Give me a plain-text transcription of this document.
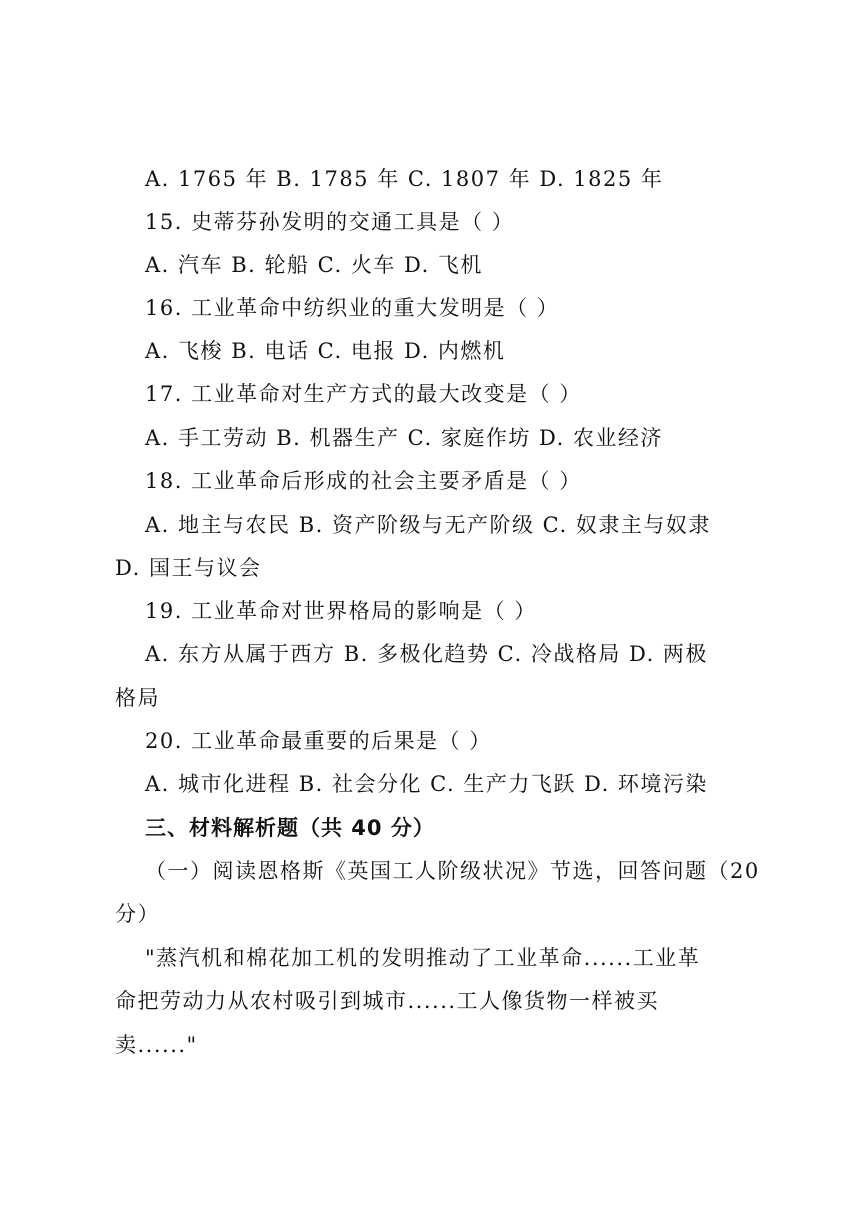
A. 1765 年 B. 1785 年 C. 1807 年 D. 1825 年
15. 史蒂芬孙发明的交通工具是（ ）
A. 汽车 B. 轮船 C. 火车 D. 飞机
16. 工业革命中纺织业的重大发明是（ ）
A. 飞梭 B. 电话 C. 电报 D. 内燃机
17. 工业革命对生产方式的最大改变是（ ）
A. 手工劳动 B. 机器生产 C. 家庭作坊 D. 农业经济
18. 工业革命后形成的社会主要矛盾是（ ）
A. 地主与农民 B. 资产阶级与无产阶级 C. 奴隶主与奴隶
D. 国王与议会
19. 工业革命对世界格局的影响是（ ）
A. 东方从属于西方 B. 多极化趋势 C. 冷战格局 D. 两极
格局
20. 工业革命最重要的后果是（ ）
A. 城市化进程 B. 社会分化 C. 生产力飞跃 D. 环境污染
三、材料解析题（共 40 分）
（一）阅读恩格斯《英国工人阶级状况》节选，回答问题（20
分）
"蒸汽机和棉花加工机的发明推动了工业革命......工业革
命把劳动力从农村吸引到城市......工人像货物一样被买
卖......"
